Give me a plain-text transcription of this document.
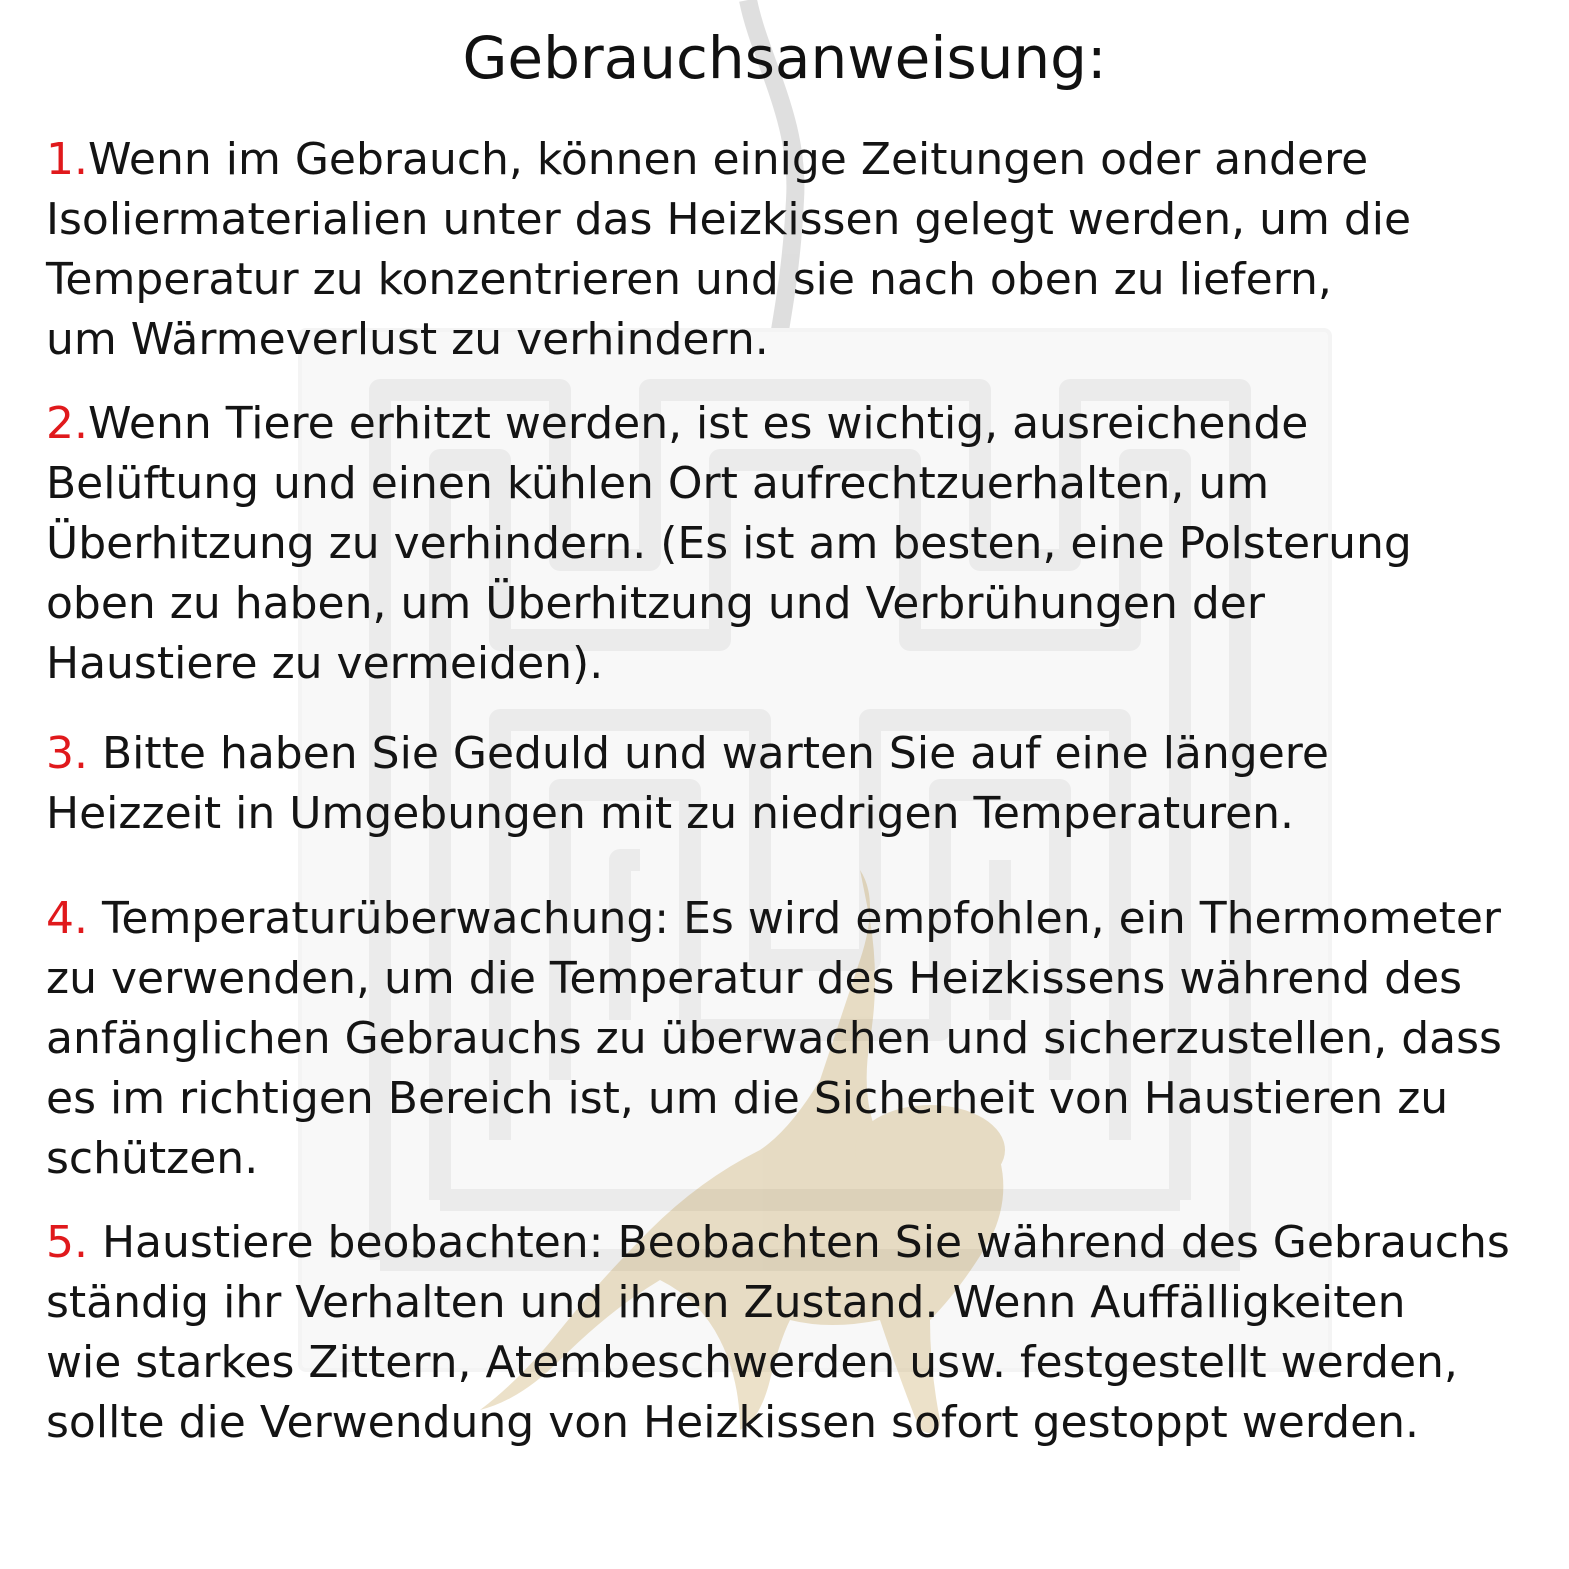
Gebrauchsanweisung:
1.Wenn im Gebrauch, können einige Zeitungen oder andere
Isoliermaterialien unter das Heizkissen gelegt werden, um die
Temperatur zu konzentrieren und sie nach oben zu liefern,
um Wärmeverlust zu verhindern.
2.Wenn Tiere erhitzt werden, ist es wichtig, ausreichende
Belüftung und einen kühlen Ort aufrechtzuerhalten, um
Überhitzung zu verhindern. (Es ist am besten, eine Polsterung
oben zu haben, um Überhitzung und Verbrühungen der
Haustiere zu vermeiden).
3. Bitte haben Sie Geduld und warten Sie auf eine längere
Heizzeit in Umgebungen mit zu niedrigen Temperaturen.
4. Temperaturüberwachung: Es wird empfohlen, ein Thermometer
zu verwenden, um die Temperatur des Heizkissens während des
anfänglichen Gebrauchs zu überwachen und sicherzustellen, dass
es im richtigen Bereich ist, um die Sicherheit von Haustieren zu
schützen.
5. Haustiere beobachten: Beobachten Sie während des Gebrauchs
ständig ihr Verhalten und ihren Zustand. Wenn Auffälligkeiten
wie starkes Zittern, Atembeschwerden usw. festgestellt werden,
sollte die Verwendung von Heizkissen sofort gestoppt werden.
